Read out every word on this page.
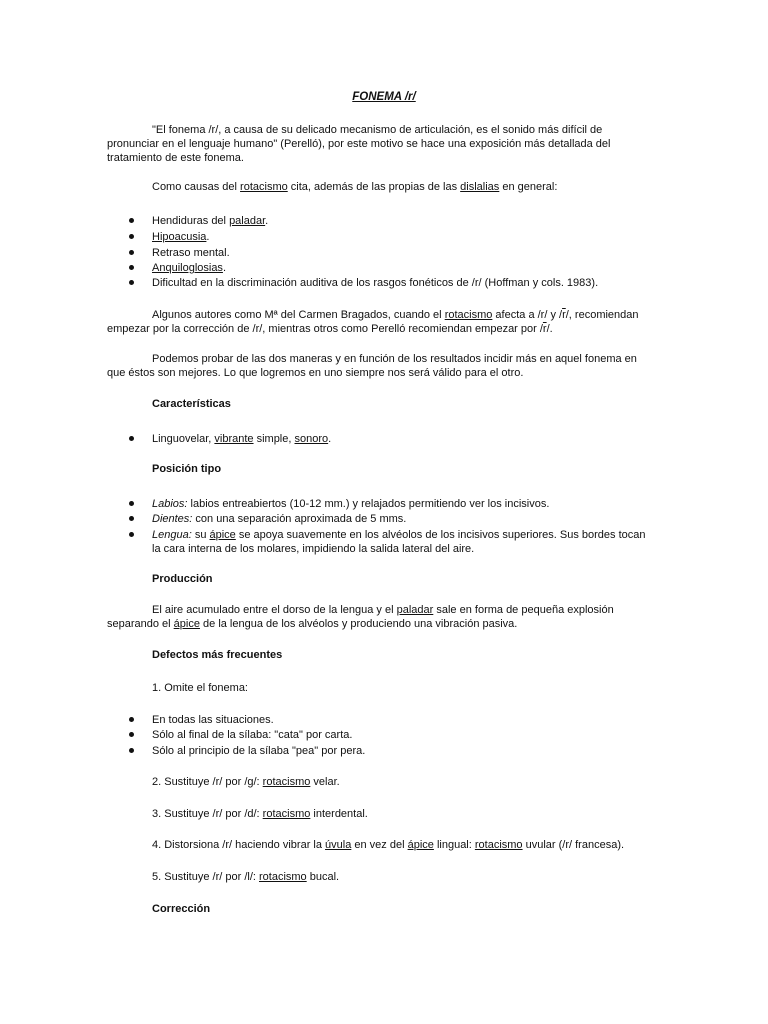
FONEMA /r/
"El fonema /r/, a causa de su delicado mecanismo de articulación, es el sonido más difícil de
pronunciar en el lenguaje humano" (Perelló), por este motivo se hace una exposición más detallada del
tratamiento de este fonema.
Como causas del rotacismo cita, además de las propias de las dislalias en general:
Hendiduras del paladar.
Hipoacusia.
Retraso mental.
Anquiloglosias.
Dificultad en la discriminación auditiva de los rasgos fonéticos de /r/ (Hoffman y cols. 1983).
Algunos autores como Mª del Carmen Bragados, cuando el rotacismo afecta a /r/ y $/\overline{r}/$, recomiendan
empezar por la corrección de /r/, mientras otros como Perelló recomiendan empezar por $/\overline{r}/$.
Podemos probar de las dos maneras y en función de los resultados incidir más en aquel fonema en
que éstos son mejores. Lo que logremos en uno siempre nos será válido para el otro.
Características
Linguovelar, vibrante simple, sonoro.
Posición tipo
Labios: labios entreabiertos (10-12 mm.) y relajados permitiendo ver los incisivos.
Dientes: con una separación aproximada de 5 mms.
Lengua: su ápice se apoya suavemente en los alvéolos de los incisivos superiores. Sus bordes tocan
la cara interna de los molares, impidiendo la salida lateral del aire.
Producción
El aire acumulado entre el dorso de la lengua y el paladar sale en forma de pequeña explosión
separando el ápice de la lengua de los alvéolos y produciendo una vibración pasiva.
Defectos más frecuentes
1. Omite el fonema:
En todas las situaciones.
Sólo al final de la sílaba: "cata" por carta.
Sólo al principio de la sílaba "pea" por pera.
2. Sustituye /r/ por /g/: rotacismo velar.
3. Sustituye /r/ por /d/: rotacismo interdental.
4. Distorsiona /r/ haciendo vibrar la úvula en vez del ápice lingual: rotacismo uvular (/r/ francesa).
5. Sustituye /r/ por /l/: rotacismo bucal.
Corrección
